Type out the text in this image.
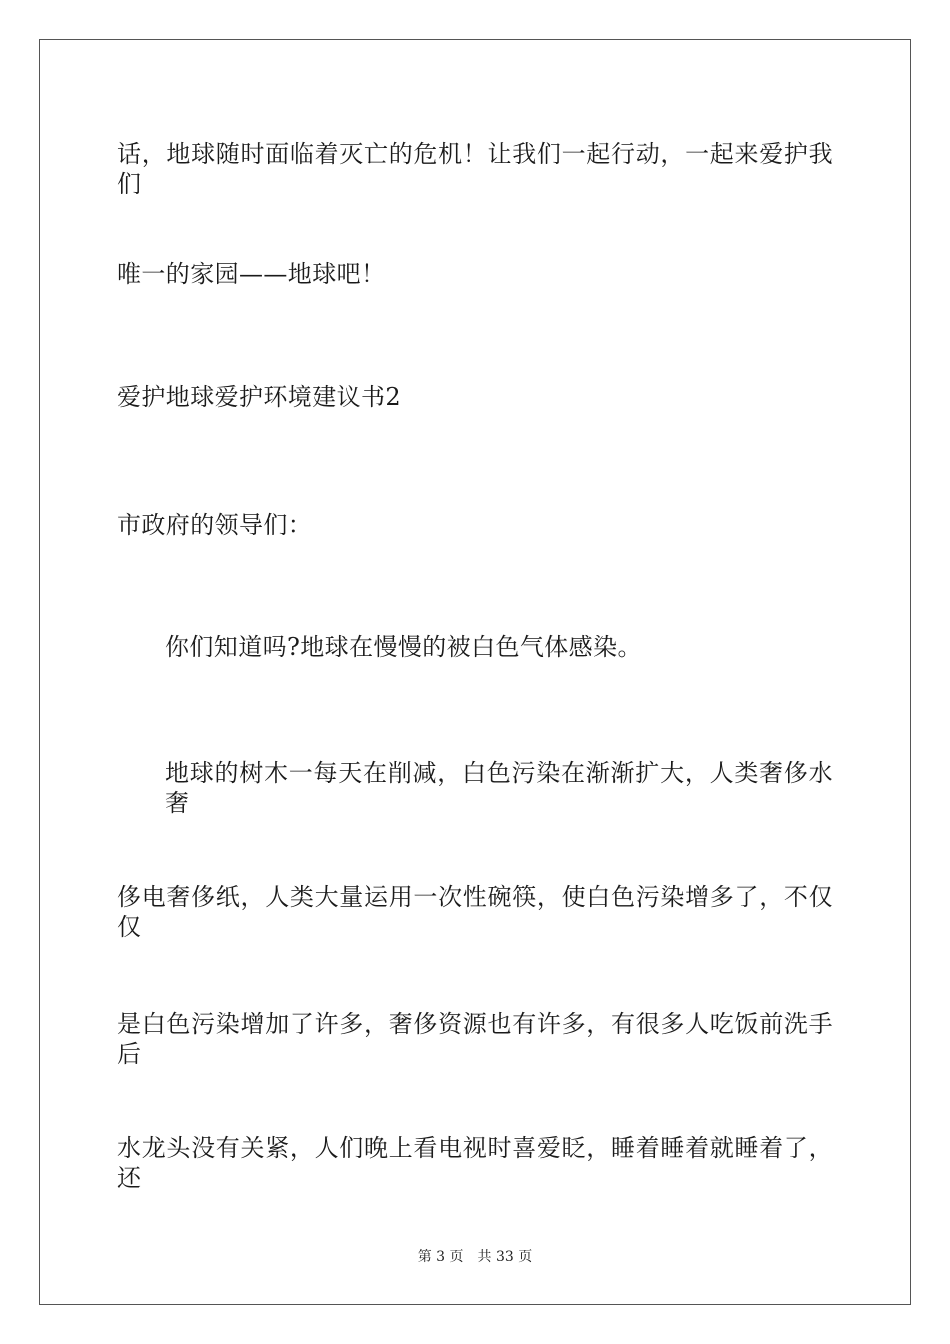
话，地球随时面临着灭亡的危机！让我们一起行动，一起来爱护我们
唯一的家园——地球吧！
爱护地球爱护环境建议书2
市政府的领导们：
你们知道吗?地球在慢慢的被白色气体感染。
地球的树木一每天在削减，白色污染在渐渐扩大，人类奢侈水奢
侈电奢侈纸，人类大量运用一次性碗筷，使白色污染增多了，不仅仅
是白色污染增加了许多，奢侈资源也有许多，有很多人吃饭前洗手后
水龙头没有关紧，人们晚上看电视时喜爱眨，睡着睡着就睡着了，还
第 3 页 共 33 页
